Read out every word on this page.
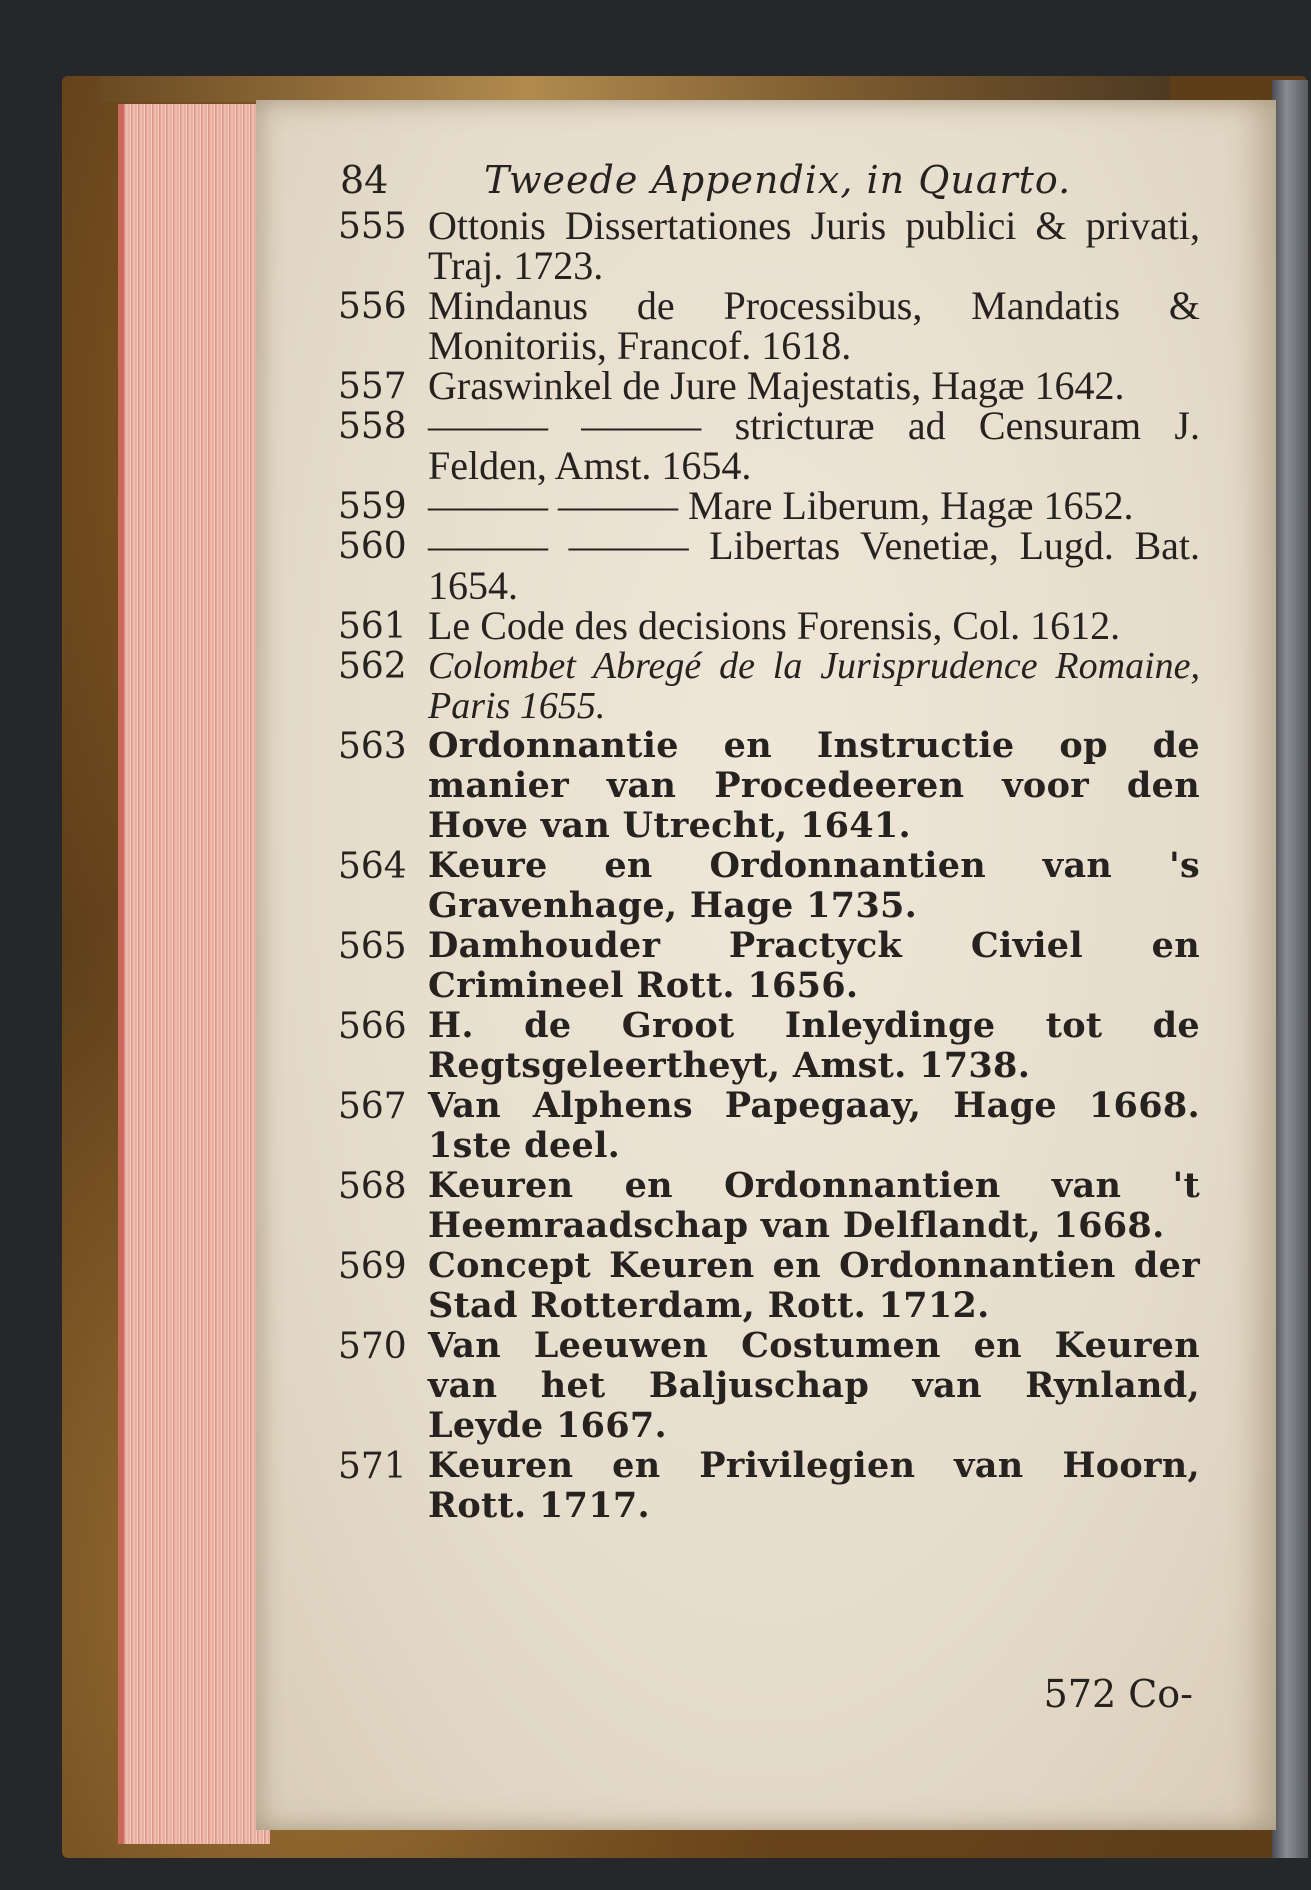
84	Tweede Appendix, in Quarto.
555 Ottonis Dissertationes Juris publici & privati, Traj. 1723.
556 Mindanus de Processibus, Mandatis & Monitoriis, Francof. 1618.
557 Graswinkel de Jure Majestatis, Hagæ 1642.
558 ——— ——— stricturæ ad Censuram J. Felden, Amst. 1654.
559 ——— ——— Mare Liberum, Hagæ 1652.
560 ——— ——— Libertas Venetiæ, Lugd. Bat. 1654.
561 Le Code des decisions Forensis, Col. 1612.
562 Colombet Abregé de la Jurisprudence Romaine, Paris 1655.
563 Ordonnantie en Instructie op de manier van Procedeeren voor den Hove van Utrecht, 1641.
564 Keure en Ordonnantien van 's Gravenhage, Hage 1735.
565 Damhouder Practyck Civiel en Crimineel Rott. 1656.
566 H. de Groot Inleydinge tot de Regtsgeleertheyt, Amst. 1738.
567 Van Alphens Papegaay, Hage 1668. 1ste deel.
568 Keuren en Ordonnantien van 't Heemraadschap van Delflandt, 1668.
569 Concept Keuren en Ordonnantien der Stad Rotterdam, Rott. 1712.
570 Van Leeuwen Costumen en Keuren van het Baljuschap van Rynland, Leyde 1667.
571 Keuren en Privilegien van Hoorn, Rott. 1717.
572 Co-
